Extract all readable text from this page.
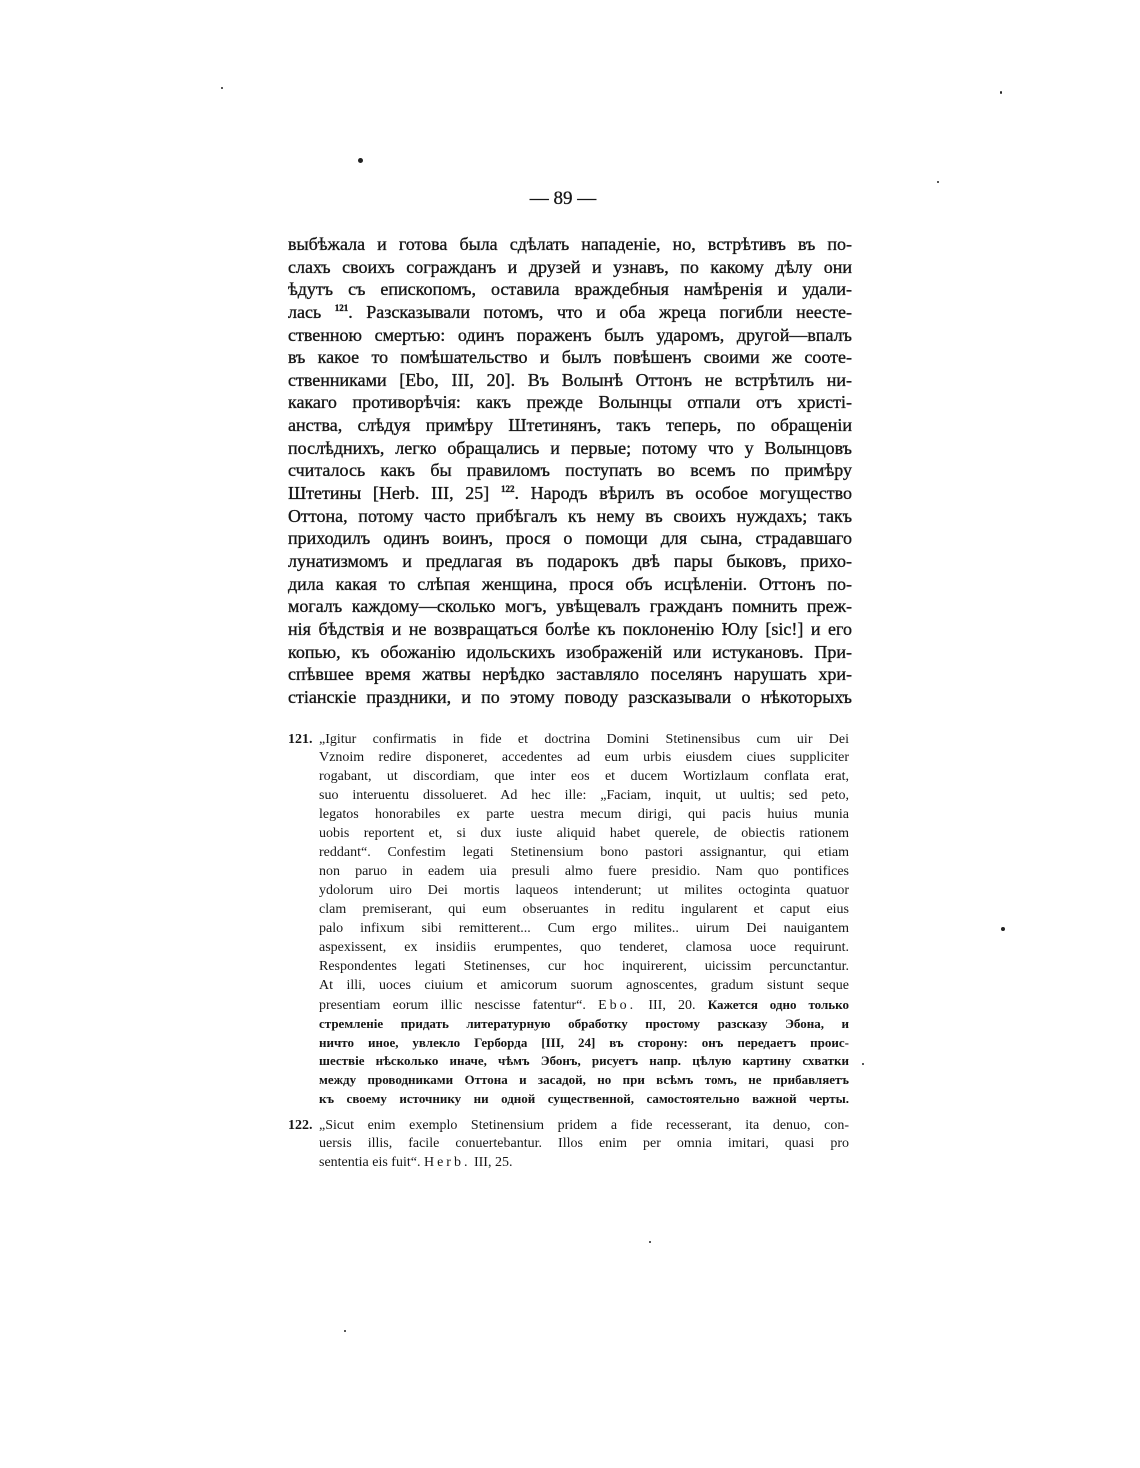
— 89 —
выбѣжала и готова была сдѣлать нападеніе, но, встрѣтивъ въ по-
слахъ своихъ согражданъ и друзей и узнавъ, по какому дѣлу они
ѣдутъ съ епископомъ, оставила враждебныя намѣренія и удали-
лась $^{121}$. Разсказывали потомъ, что и оба жреца погибли неесте-
ственною смертью: одинъ пораженъ былъ ударомъ, другой—впалъ
въ какое то помѣшательство и былъ повѣшенъ своими же сооте-
ственниками [Ebo, III, 20]. Въ Волынѣ Оттонъ не встрѣтилъ ни-
какаго противорѣчія: какъ прежде Волынцы отпали отъ христі-
анства, слѣдуя примѣру Штетинянъ, такъ теперь, по обращеніи
послѣднихъ, легко обращались и первые; потому что у Волынцовъ
считалось какъ бы правиломъ поступать во всемъ по примѣру
Штетины [Herb. III, 25] $^{122}$. Народъ вѣрилъ въ особое могущество
Оттона, потому часто прибѣгалъ къ нему въ своихъ нуждахъ; такъ
приходилъ одинъ воинъ, прося о помощи для сына, страдавшаго
лунатизмомъ и предлагая въ подарокъ двѣ пары быковъ, прихо-
дила какая то слѣпая женщина, прося объ исцѣленіи. Оттонъ по-
могалъ каждому—сколько могъ, увѣщевалъ гражданъ помнить преж-
нія бѣдствія и не возвращаться болѣе къ поклоненію Юлу [sic!] и его
копью, къ обожанію идольскихъ изображеній или истукановъ. При-
спѣвшее время жатвы нерѣдко заставляло поселянъ нарушать хри-
стіанскіе праздники, и по этому поводу разсказывали о нѣкоторыхъ
121. „Igitur confirmatis in fide et doctrina Domini Stetinensibus cum uir Dei
Vznoim redire disponeret, accedentes ad eum urbis eiusdem ciues suppliciter
rogabant, ut discordiam, que inter eos et ducem Wortizlaum conflata erat,
suo interuentu dissolueret. Ad hec ille: „Faciam, inquit, ut uultis; sed peto,
legatos honorabiles ex parte uestra mecum dirigi, qui pacis huius munia
uobis reportent et, si dux iuste aliquid habet querele, de obiectis rationem
reddant“. Confestim legati Stetinensium bono pastori assignantur, qui etiam
non paruo in eadem uia presuli almo fuere presidio. Nam quo pontifices
ydolorum uiro Dei mortis laqueos intenderunt; ut milites octoginta quatuor
clam premiserant, qui eum obseruantes in reditu ingularent et caput eius
palo infixum sibi remitterent... Cum ergo milites.. uirum Dei nauigantem
aspexissent, ex insidiis erumpentes, quo tenderet, clamosa uoce requirunt.
Respondentes legati Stetinenses, cur hoc inquirerent, uicissim percunctantur.
At illi, uoces ciuium et amicorum suorum agnoscentes, gradum sistunt seque
presentiam eorum illic nescisse fatentur“. Ebo. III, 20. Кажется одно только
стремленіе придать литературную обработку простому разсказу Эбона, и
ничто иное, увлекло Герборда [III, 24] въ сторону: онъ передаетъ проис-
шествіе нѣсколько иначе, чѣмъ Эбонъ, рисуетъ напр. цѣлую картину схватки
между проводниками Оттона и засадой, но при всѣмъ томъ, не прибавляетъ
къ своему источнику ни одной существенной, самостоятельно важной черты.
122. „Sicut enim exemplo Stetinensium pridem a fide recesserant, ita denuo, con-
uersis illis, facile conuertebantur. Illos enim per omnia imitari, quasi pro
sententia eis fuit“. Herb. III, 25.
